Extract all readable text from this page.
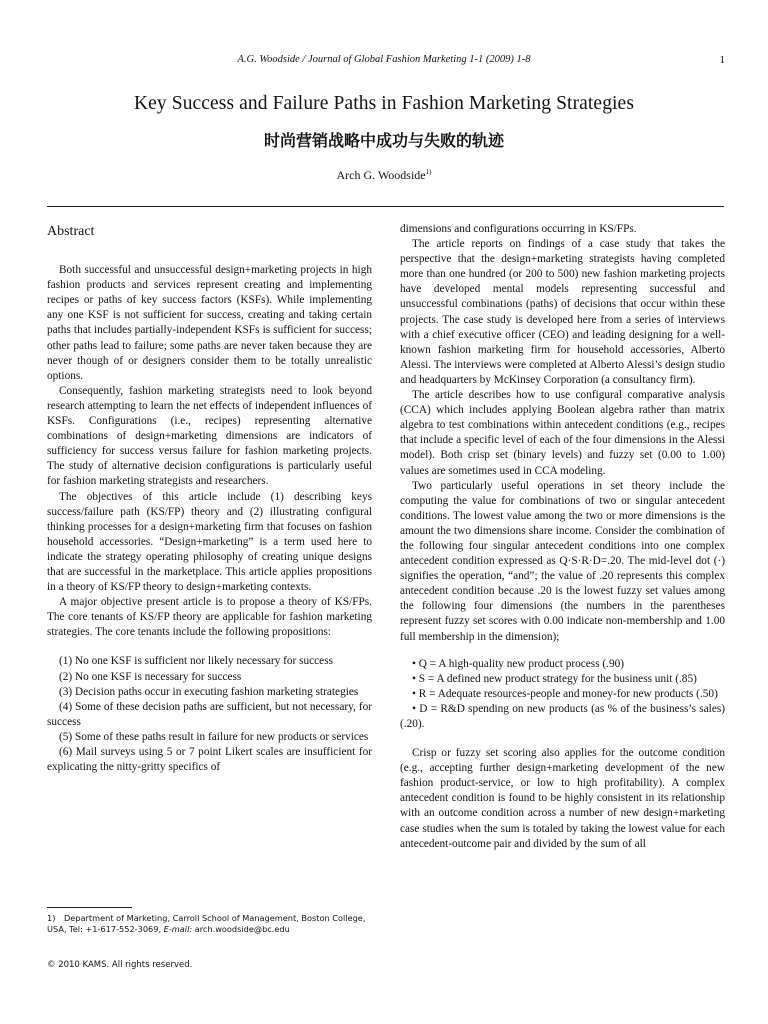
A.G. Woodside / Journal of Global Fashion Marketing 1-1 (2009) 1-8	1
Key Success and Failure Paths in Fashion Marketing Strategies
时尚营销战略中成功与失败的轨迹
Arch G. Woodside$^{1)}$
Abstract

Both successful and unsuccessful design+marketing projects in high fashion products and services represent creating and implementing recipes or paths of key success factors (KSFs). While implementing any one KSF is not sufficient for success, creating and taking certain paths that includes partially-independent KSFs is sufficient for success; other paths lead to failure; some paths are never taken because they are never though of or designers consider them to be totally unrealistic options.

Consequently, fashion marketing strategists need to look beyond research attempting to learn the net effects of independent influences of KSFs. Configurations (i.e., recipes) representing alternative combinations of design+marketing dimensions are indicators of sufficiency for success versus failure for fashion marketing projects. The study of alternative decision configurations is particularly useful for fashion marketing strategists and researchers.

The objectives of this article include (1) describing keys success/failure path (KS/FP) theory and (2) illustrating configural thinking processes for a design+marketing firm that focuses on fashion household accessories. “Design+marketing” is a term used here to indicate the strategy operating philosophy of creating unique designs that are successful in the marketplace. This article applies propositions in a theory of KS/FP theory to design+marketing contexts.

A major objective present article is to propose a theory of KS/FPs. The core tenants of KS/FP theory are applicable for fashion marketing strategies. The core tenants include the following propositions:

(1) No one KSF is sufficient nor likely necessary for success
(2) No one KSF is necessary for success
(3) Decision paths occur in executing fashion marketing strategies
(4) Some of these decision paths are sufficient, but not necessary, for success
(5) Some of these paths result in failure for new products or services
(6) Mail surveys using 5 or 7 point Likert scales are insufficient for explicating the nitty-gritty specifics of
dimensions and configurations occurring in KS/FPs.

The article reports on findings of a case study that takes the perspective that the design+marketing strategists having completed more than one hundred (or 200 to 500) new fashion marketing projects have developed mental models representing successful and unsuccessful combinations (paths) of decisions that occur within these projects. The case study is developed here from a series of interviews with a chief executive officer (CEO) and leading designing for a well-known fashion marketing firm for household accessories, Alberto Alessi. The interviews were completed at Alberto Alessi’s design studio and headquarters by McKinsey Corporation (a consultancy firm).

The article describes how to use configural comparative analysis (CCA) which includes applying Boolean algebra rather than matrix algebra to test combinations within antecedent conditions (e.g., recipes that include a specific level of each of the four dimensions in the Alessi model). Both crisp set (binary levels) and fuzzy set (0.00 to 1.00) values are sometimes used in CCA modeling.

Two particularly useful operations in set theory include the computing the value for combinations of two or singular antecedent conditions. The lowest value among the two or more dimensions is the amount the two dimensions share income. Consider the combination of the following four singular antecedent conditions into one complex antecedent condition expressed as Q·S·R·D=.20. The mid-level dot (·) signifies the operation, “and”; the value of .20 represents this complex antecedent condition because .20 is the lowest fuzzy set values among the following four dimensions (the numbers in the parentheses represent fuzzy set scores with 0.00 indicate non-membership and 1.00 full membership in the dimension);

• Q = A high-quality new product process (.90)
• S = A defined new product strategy for the business unit (.85)
• R = Adequate resources-people and money-for new products (.50)
• D = R&D spending on new products (as % of the business’s sales) (.20).

Crisp or fuzzy set scoring also applies for the outcome condition (e.g., accepting further design+marketing development of the new fashion product-service, or low to high profitability). A complex antecedent condition is found to be highly consistent in its relationship with an outcome condition across a number of new design+marketing case studies when the sum is totaled by taking the lowest value for each antecedent-outcome pair and divided by the sum of all

1) Department of Marketing, Carroll School of Management, Boston College, USA, Tel: +1-617-552-3069, E-mail: arch.woodside@bc.edu
© 2010 KAMS. All rights reserved.
